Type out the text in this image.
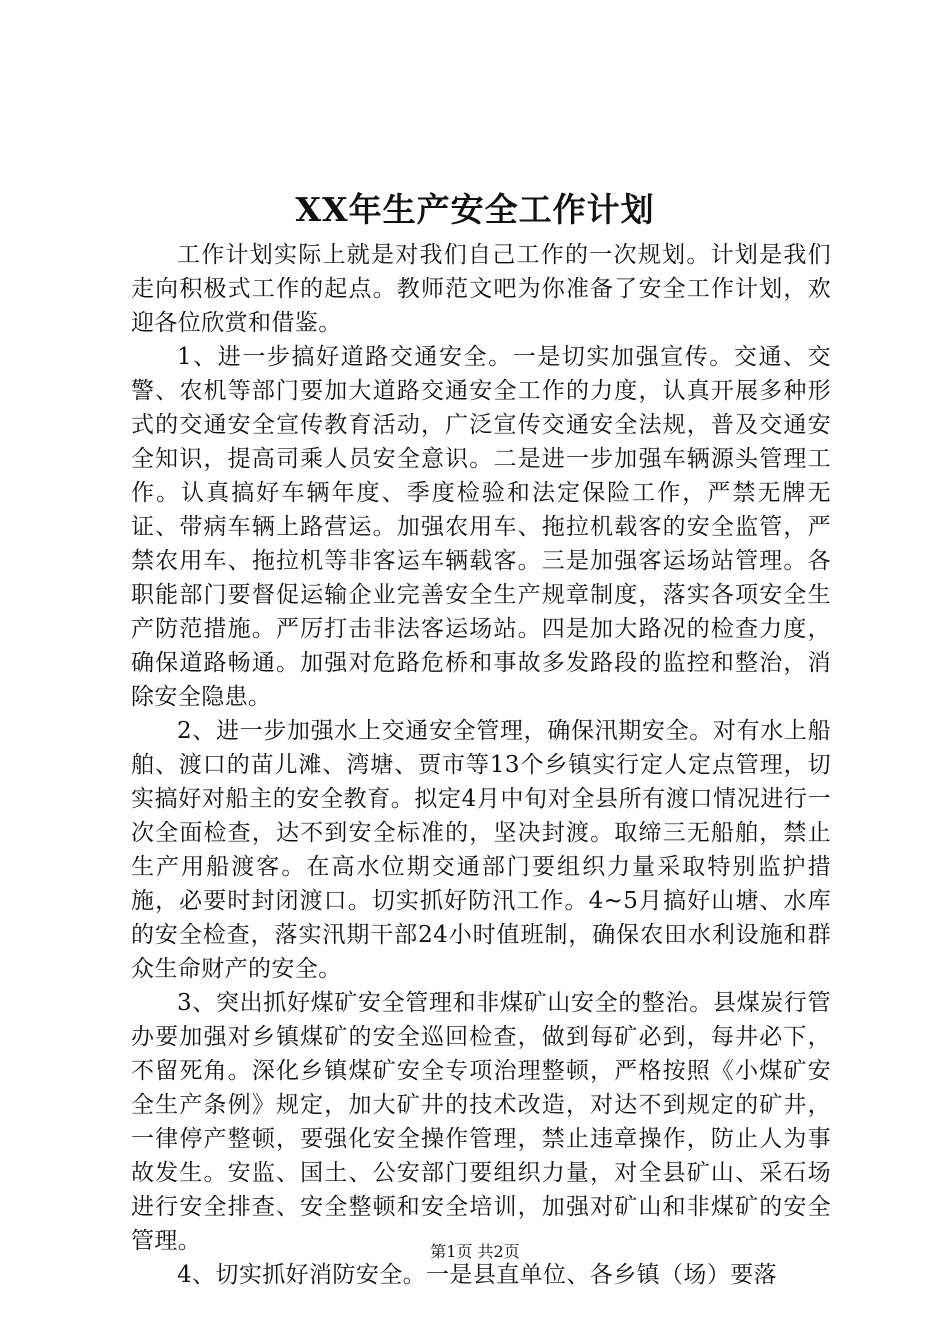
XX年生产安全工作计划

工作计划实际上就是对我们自己工作的一次规划。计划是我们走向积极式工作的起点。教师范文吧为你准备了安全工作计划，欢迎各位欣赏和借鉴。

1、进一步搞好道路交通安全。一是切实加强宣传。交通、交警、农机等部门要加大道路交通安全工作的力度，认真开展多种形式的交通安全宣传教育活动，广泛宣传交通安全法规，普及交通安全知识，提高司乘人员安全意识。二是进一步加强车辆源头管理工作。认真搞好车辆年度、季度检验和法定保险工作，严禁无牌无证、带病车辆上路营运。加强农用车、拖拉机载客的安全监管，严禁农用车、拖拉机等非客运车辆载客。三是加强客运场站管理。各职能部门要督促运输企业完善安全生产规章制度，落实各项安全生产防范措施。严厉打击非法客运场站。四是加大路况的检查力度，确保道路畅通。加强对危路危桥和事故多发路段的监控和整治，消除安全隐患。

2、进一步加强水上交通安全管理，确保汛期安全。对有水上船舶、渡口的苗儿滩、湾塘、贾市等13个乡镇实行定人定点管理，切实搞好对船主的安全教育。拟定4月中旬对全县所有渡口情况进行一次全面检查，达不到安全标准的，坚决封渡。取缔三无船舶，禁止生产用船渡客。在高水位期交通部门要组织力量采取特别监护措施，必要时封闭渡口。切实抓好防汛工作。4~5月搞好山塘、水库的安全检查，落实汛期干部24小时值班制，确保农田水利设施和群众生命财产的安全。

3、突出抓好煤矿安全管理和非煤矿山安全的整治。县煤炭行管办要加强对乡镇煤矿的安全巡回检查，做到每矿必到，每井必下，不留死角。深化乡镇煤矿安全专项治理整顿，严格按照《小煤矿安全生产条例》规定，加大矿井的技术改造，对达不到规定的矿井，一律停产整顿，要强化安全操作管理，禁止违章操作，防止人为事故发生。安监、国土、公安部门要组织力量，对全县矿山、采石场进行安全排查、安全整顿和安全培训，加强对矿山和非煤矿的安全管理。

4、切实抓好消防安全。一是县直单位、各乡镇（场）要落

第1页 共2页
